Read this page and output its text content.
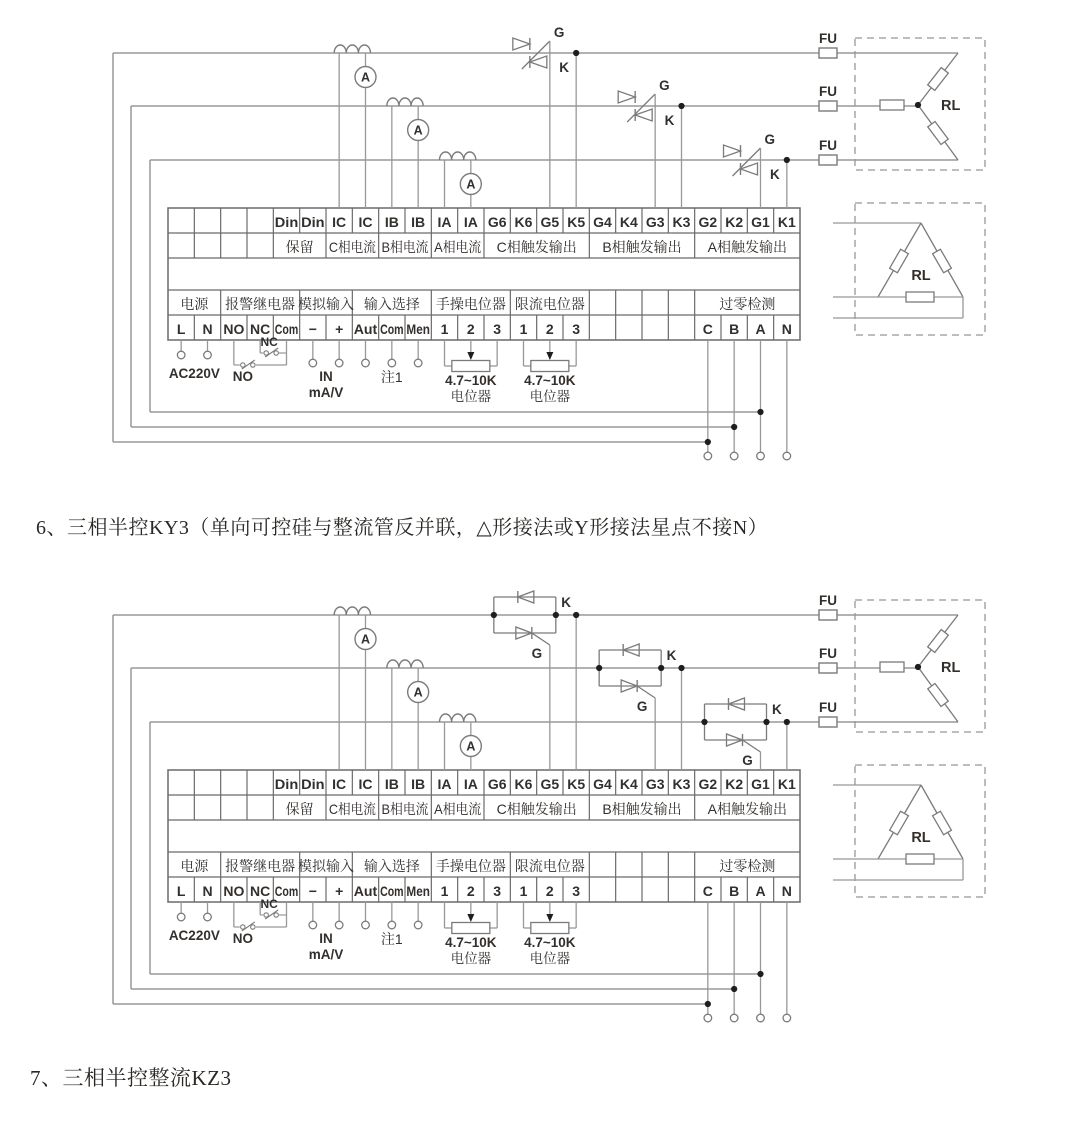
Din Din IC IC IB IB IA IA G6 K6 G5 K5 G4 K4 G3 K3 G2 K2 G1 K1
保留 C相电流 B相电流 A相电流 C相触发输出 B相触发输出 A相触发输出
电源 报警继电器 模拟输入 输入选择 手操电位器 限流电位器	过零检测
L N NO NC Com − + Aut Com Men 1 2 3 1 2 3	C B A N
A
FU
G
K
A
FU
G
K
A
FU
G
K
RL
RL
AC220V
NC
NO	IN
mA/V
注1	4.7~10K
电位器
4.7~10K
电位器
Din Din IC IC IB IB IA IA G6 K6 G5 K5 G4 K4 G3 K3 G2 K2 G1 K1
保留 C相电流 B相电流 A相电流 C相触发输出 B相触发输出 A相触发输出
电源 报警继电器 模拟输入 输入选择 手操电位器 限流电位器	过零检测
L N NO NC Com − + Aut Com Men 1 2 3 1 2 3	C B A N
A
FU
G
K
A
FU
G
K
A
FU
G
K
RL
RL
AC220V
NC
NO	IN
mA/V
注1	4.7~10K
电位器
4.7~10K
电位器
6、三相半控KY3（单向可控硅与整流管反并联，△形接法或Y形接法星点不接N）
7、三相半控整流KZ3
